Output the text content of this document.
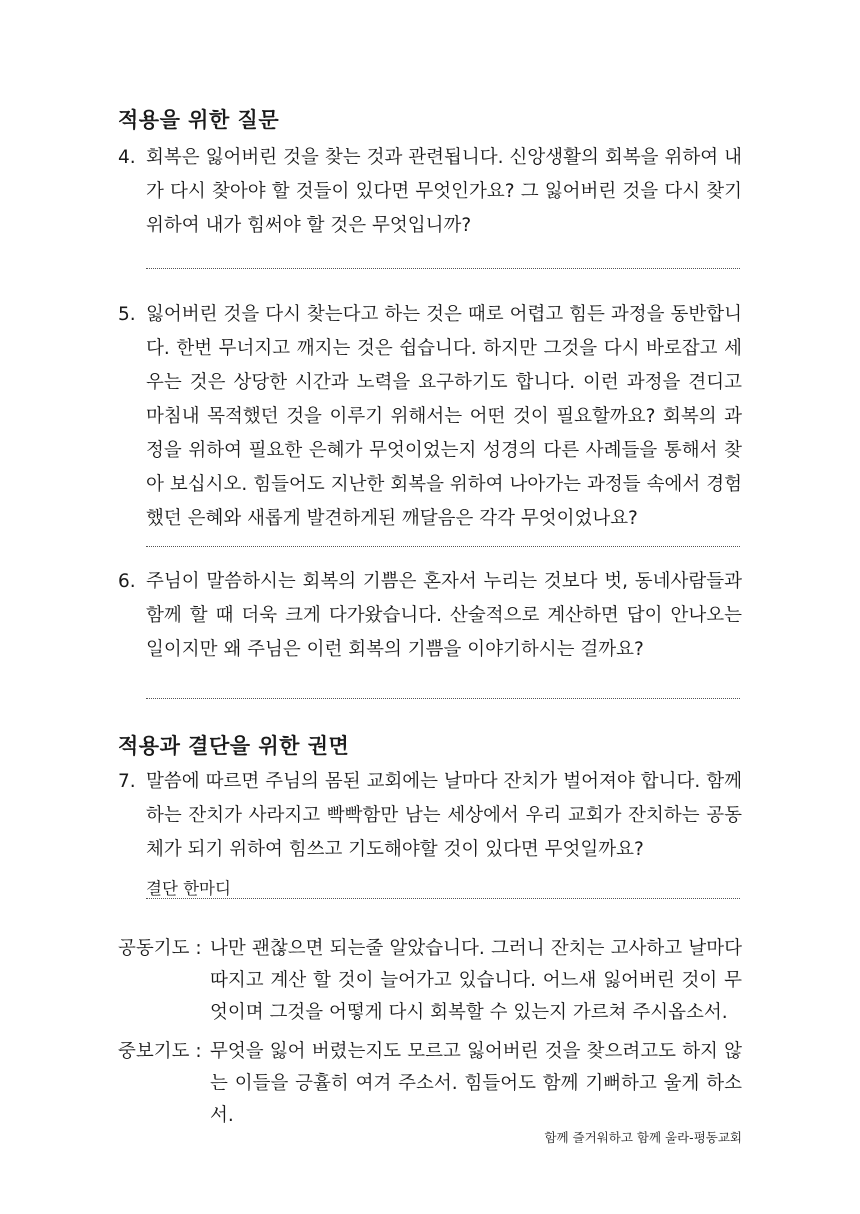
적용을 위한 질문
4. 회복은 잃어버린 것을 찾는 것과 관련됩니다. 신앙생활의 회복을 위하여 내가 다시 찾아야 할 것들이 있다면 무엇인가요? 그 잃어버린 것을 다시 찾기 위하여 내가 힘써야 할 것은 무엇입니까?
5. 잃어버린 것을 다시 찾는다고 하는 것은 때로 어렵고 힘든 과정을 동반합니다. 한번 무너지고 깨지는 것은 쉽습니다. 하지만 그것을 다시 바로잡고 세우는 것은 상당한 시간과 노력을 요구하기도 합니다. 이런 과정을 견디고 마침내 목적했던 것을 이루기 위해서는 어떤 것이 필요할까요? 회복의 과정을 위하여 필요한 은혜가 무엇이었는지 성경의 다른 사례들을 통해서 찾아 보십시오. 힘들어도 지난한 회복을 위하여 나아가는 과정들 속에서 경험했던 은혜와 새롭게 발견하게된 깨달음은 각각 무엇이었나요?
6. 주님이 말씀하시는 회복의 기쁨은 혼자서 누리는 것보다 벗, 동네사람들과 함께 할 때 더욱 크게 다가왔습니다. 산술적으로 계산하면 답이 안나오는 일이지만 왜 주님은 이런 회복의 기쁨을 이야기하시는 걸까요?
적용과 결단을 위한 권면
7. 말씀에 따르면 주님의 몸된 교회에는 날마다 잔치가 벌어져야 합니다. 함께 하는 잔치가 사라지고 빡빡함만 남는 세상에서 우리 교회가 잔치하는 공동체가 되기 위하여 힘쓰고 기도해야할 것이 있다면 무엇일까요?
결단 한마디
공동기도 : 나만 괜찮으면 되는줄 알았습니다. 그러니 잔치는 고사하고 날마다 따지고 계산 할 것이 늘어가고 있습니다. 어느새 잃어버린 것이 무엇이며 그것을 어떻게 다시 회복할 수 있는지 가르쳐 주시옵소서.
중보기도 : 무엇을 잃어 버렸는지도 모르고 잃어버린 것을 찾으려고도 하지 않는 이들을 긍휼히 여겨 주소서. 힘들어도 함께 기뻐하고 울게 하소서.
함께 즐거워하고 함께 울라-평동교회
